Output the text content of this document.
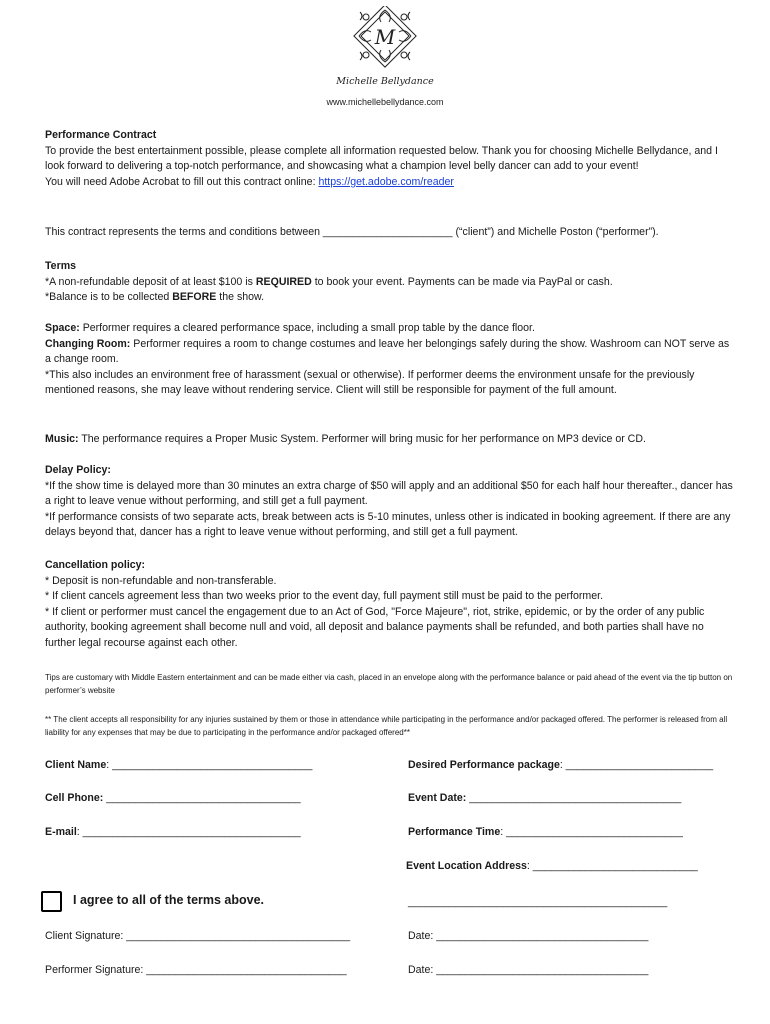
M
Michelle Bellydance
www.michellebellydance.com

Performance Contract

To provide the best entertainment possible, please complete all information requested below. Thank you for choosing Michelle Bellydance, and I look forward to delivering a top-notch performance, and showcasing what a champion level belly dancer can add to your event!

You will need Adobe Acrobat to fill out this contract online: https://get.adobe.com/reader

This contract represents the terms and conditions between ______________________ (“client”) and Michelle Poston (“performer”).

Terms

*A non-refundable deposit of at least $100 is REQUIRED to book your event. Payments can be made via PayPal or cash.

*Balance is to be collected BEFORE the show.

Space: Performer requires a cleared performance space, including a small prop table by the dance floor.

Changing Room: Performer requires a room to change costumes and leave her belongings safely during the show. Washroom can NOT serve as a change room.

*This also includes an environment free of harassment (sexual or otherwise). If performer deems the environment unsafe for the previously mentioned reasons, she may leave without rendering service. Client will still be responsible for payment of the full amount.

Music: The performance requires a Proper Music System. Performer will bring music for her performance on MP3 device or CD.

Delay Policy:

*If the show time is delayed more than 30 minutes an extra charge of $50 will apply and an additional $50 for each half hour thereafter., dancer has a right to leave venue without performing, and still get a full payment.

*If performance consists of two separate acts, break between acts is 5-10 minutes, unless other is indicated in booking agreement. If there are any delays beyond that, dancer has a right to leave venue without performing, and still get a full payment.

Cancellation policy:

* Deposit is non-refundable and non-transferable.

* If client cancels agreement less than two weeks prior to the event day, full payment still must be paid to the performer.

* If client or performer must cancel the engagement due to an Act of God, "Force Majeure", riot, strike, epidemic, or by the order of any public authority, booking agreement shall become null and void, all deposit and balance payments shall be refunded, and both parties shall have no further legal recourse against each other.

Tips are customary with Middle Eastern entertainment and can be made either via cash, placed in an envelope along with the performance balance or paid ahead of the event via the tip button on performer’s website

** The client accepts all responsibility for any injuries sustained by them or those in attendance while participating in the performance and/or packaged offered. The performer is released from all liability for any expenses that may be due to participating in the performance and/or packaged offered**

Client Name: __________________________________	Desired Performance package: _________________________
Cell Phone: _________________________________	Event Date: ____________________________________
E-mail: _____________________________________	Performance Time: ______________________________
Event Location Address: ____________________________
I agree to all of the terms above.	____________________________________________
Client Signature: ______________________________________	Date: ____________________________________
Performer Signature: __________________________________	Date: ____________________________________
